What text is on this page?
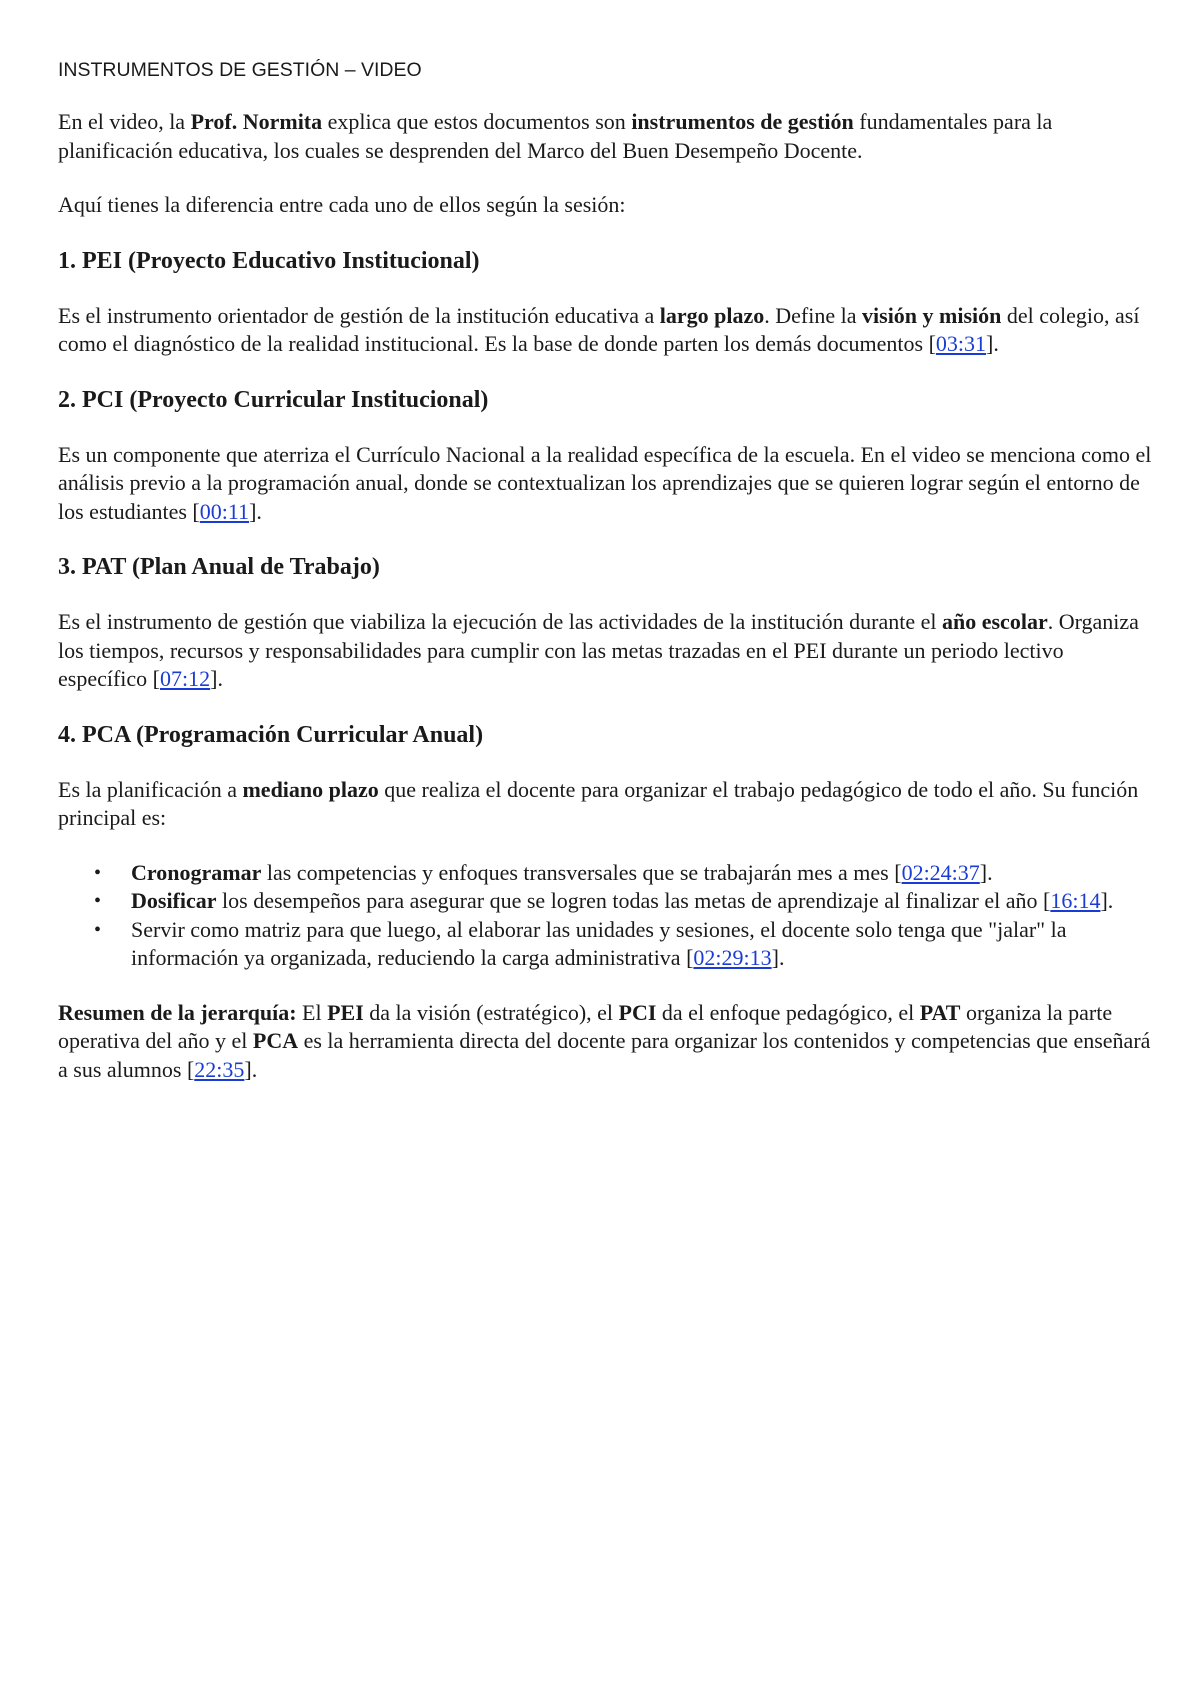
INSTRUMENTOS DE GESTIÓN – VIDEO

En el video, la Prof. Normita explica que estos documentos son instrumentos de gestión fundamentales para la planificación educativa, los cuales se desprenden del Marco del Buen Desempeño Docente.

Aquí tienes la diferencia entre cada uno de ellos según la sesión:

1. PEI (Proyecto Educativo Institucional)

Es el instrumento orientador de gestión de la institución educativa a largo plazo. Define la visión y misión del colegio, así como el diagnóstico de la realidad institucional. Es la base de donde parten los demás documentos [03:31].

2. PCI (Proyecto Curricular Institucional)

Es un componente que aterriza el Currículo Nacional a la realidad específica de la escuela. En el video se menciona como el análisis previo a la programación anual, donde se contextualizan los aprendizajes que se quieren lograr según el entorno de los estudiantes [00:11].

3. PAT (Plan Anual de Trabajo)

Es el instrumento de gestión que viabiliza la ejecución de las actividades de la institución durante el año escolar. Organiza los tiempos, recursos y responsabilidades para cumplir con las metas trazadas en el PEI durante un periodo lectivo específico [07:12].

4. PCA (Programación Curricular Anual)

Es la planificación a mediano plazo que realiza el docente para organizar el trabajo pedagógico de todo el año. Su función principal es:

• Cronogramar las competencias y enfoques transversales que se trabajarán mes a mes [02:24:37].
• Dosificar los desempeños para asegurar que se logren todas las metas de aprendizaje al finalizar el año [16:14].
• Servir como matriz para que luego, al elaborar las unidades y sesiones, el docente solo tenga que "jalar" la información ya organizada, reduciendo la carga administrativa [02:29:13].

Resumen de la jerarquía: El PEI da la visión (estratégico), el PCI da el enfoque pedagógico, el PAT organiza la parte operativa del año y el PCA es la herramienta directa del docente para organizar los contenidos y competencias que enseñará a sus alumnos [22:35].
